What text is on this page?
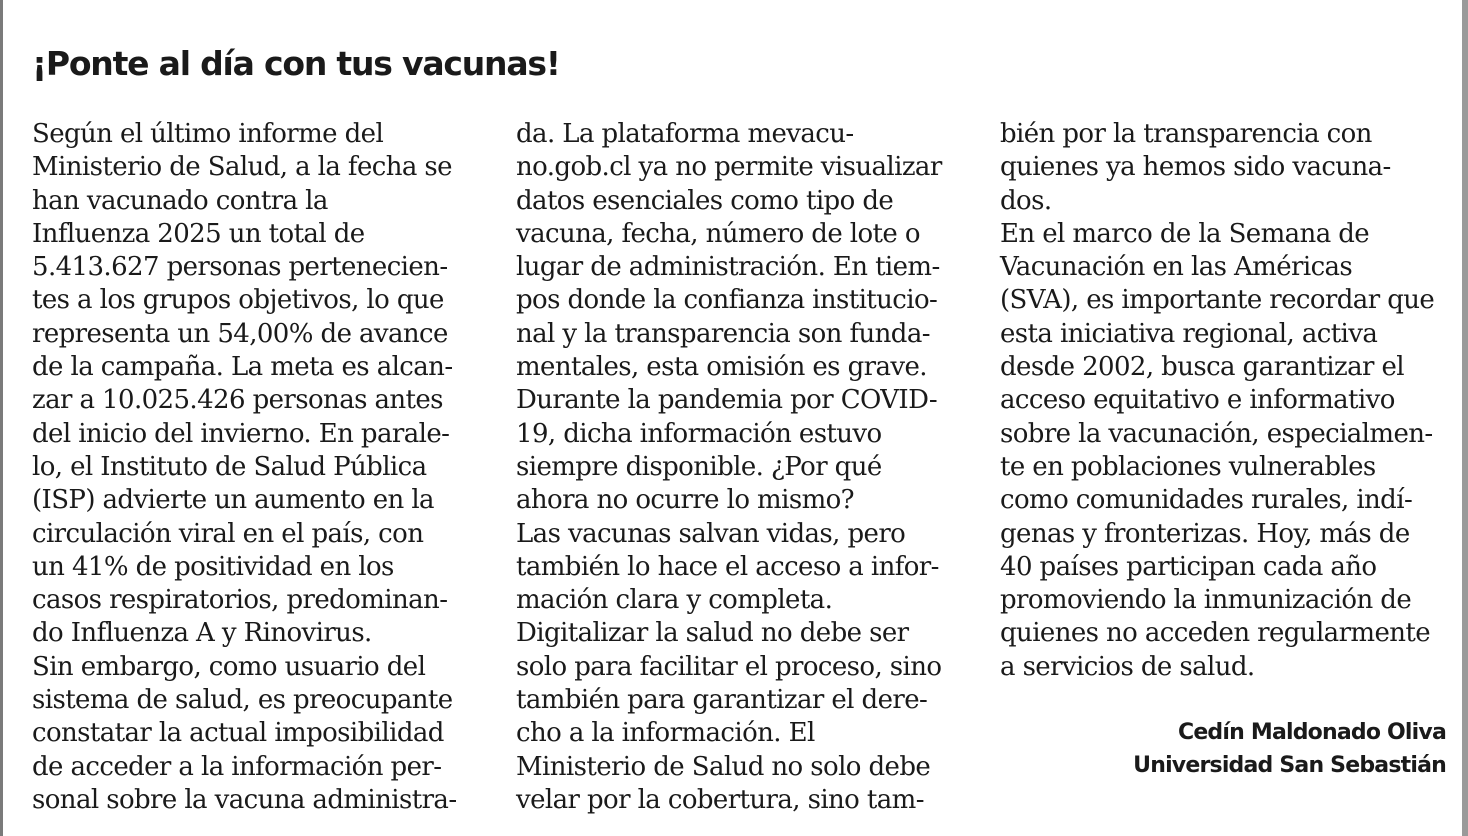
¡Ponte al día con tus vacunas!
Según el último informe del
Ministerio de Salud, a la fecha se
han vacunado contra la
Influenza 2025 un total de
5.413.627 personas pertenecien-
tes a los grupos objetivos, lo que
representa un 54,00% de avance
de la campaña. La meta es alcan-
zar a 10.025.426 personas antes
del inicio del invierno. En parale-
lo, el Instituto de Salud Pública
(ISP) advierte un aumento en la
circulación viral en el país, con
un 41% de positividad en los
casos respiratorios, predominan-
do Influenza A y Rinovirus.
Sin embargo, como usuario del
sistema de salud, es preocupante
constatar la actual imposibilidad
de acceder a la información per-
sonal sobre la vacuna administra-
da. La plataforma mevacu-
no.gob.cl ya no permite visualizar
datos esenciales como tipo de
vacuna, fecha, número de lote o
lugar de administración. En tiem-
pos donde la confianza institucio-
nal y la transparencia son funda-
mentales, esta omisión es grave.
Durante la pandemia por COVID-
19, dicha información estuvo
siempre disponible. ¿Por qué
ahora no ocurre lo mismo?
Las vacunas salvan vidas, pero
también lo hace el acceso a infor-
mación clara y completa.
Digitalizar la salud no debe ser
solo para facilitar el proceso, sino
también para garantizar el dere-
cho a la información. El
Ministerio de Salud no solo debe
velar por la cobertura, sino tam-
bién por la transparencia con
quienes ya hemos sido vacuna-
dos.
En el marco de la Semana de
Vacunación en las Américas
(SVA), es importante recordar que
esta iniciativa regional, activa
desde 2002, busca garantizar el
acceso equitativo e informativo
sobre la vacunación, especialmen-
te en poblaciones vulnerables
como comunidades rurales, indí-
genas y fronterizas. Hoy, más de
40 países participan cada año
promoviendo la inmunización de
quienes no acceden regularmente
a servicios de salud.
Cedín Maldonado Oliva
Universidad San Sebastián
